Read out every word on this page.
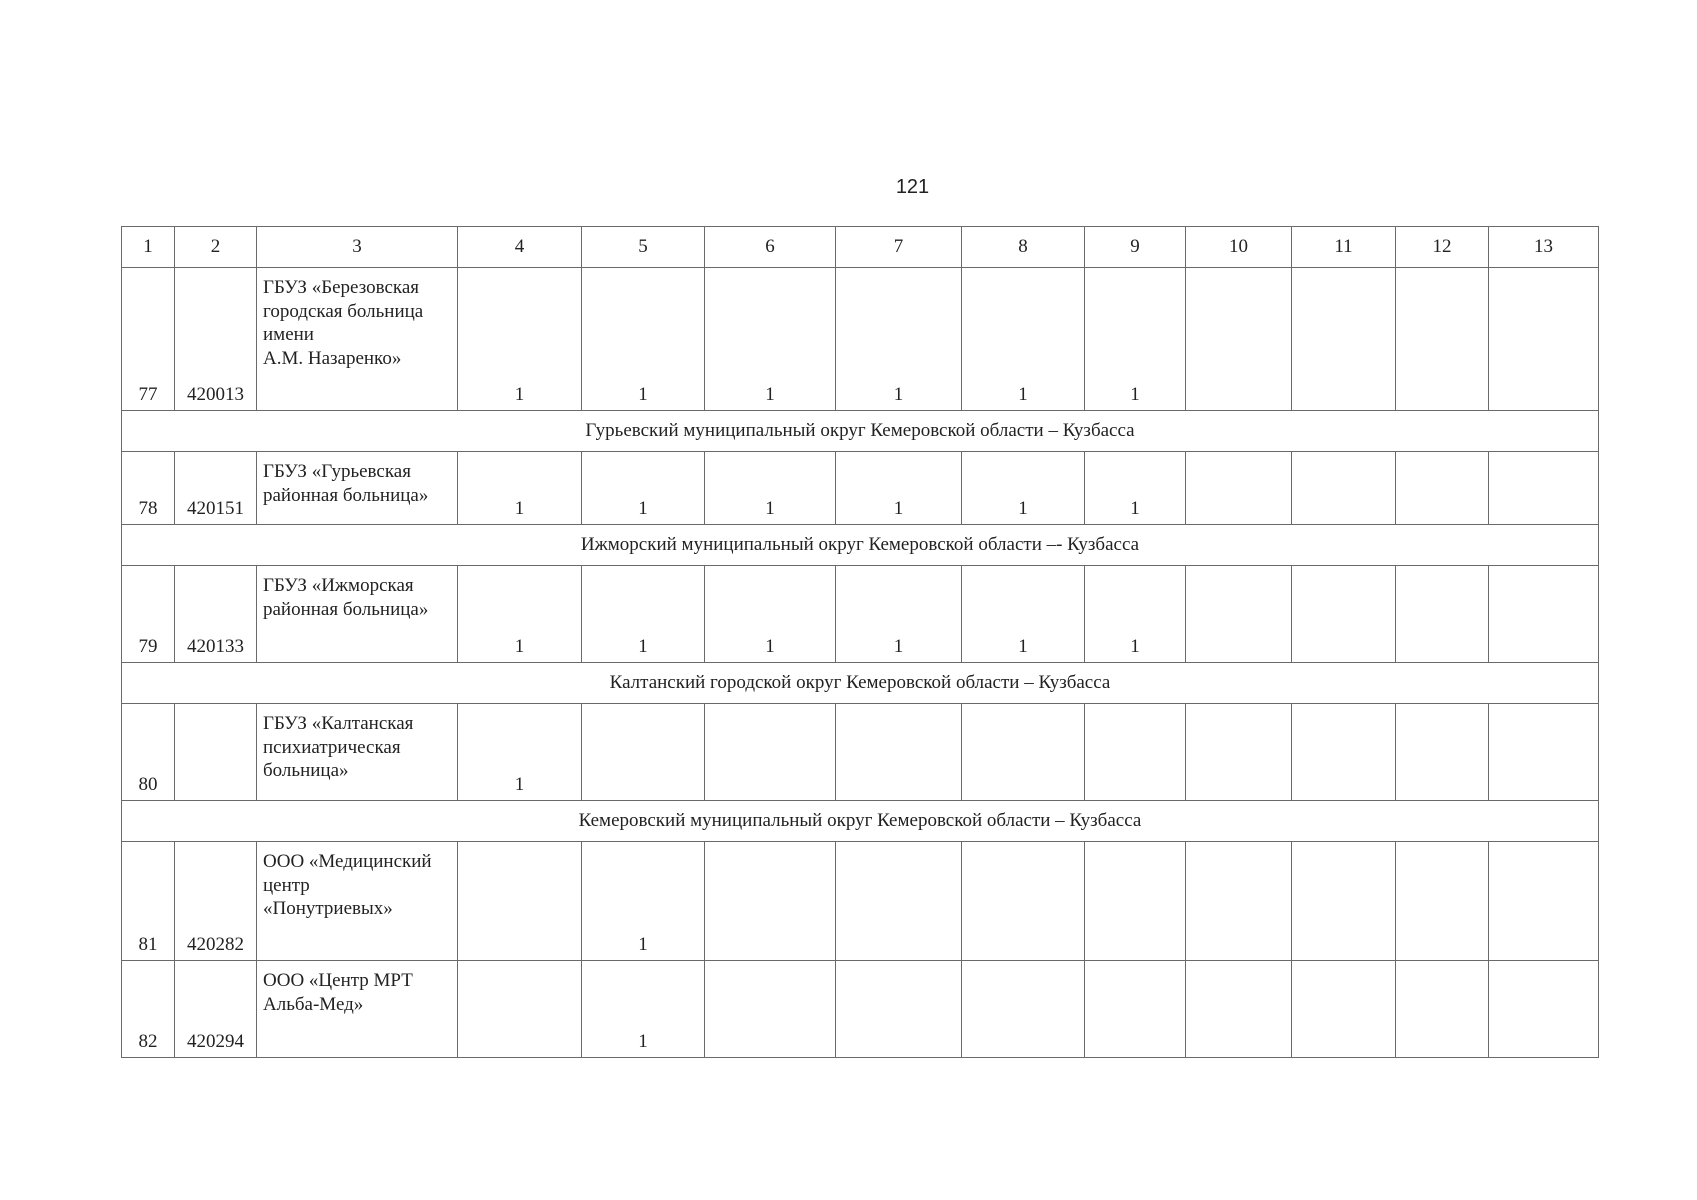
121
1	2	3	4	5	6	7	8	9	10	11	12	13
77	420013	ГБУЗ «Березовская
городская больница
имени
А.М. Назаренко»	1	1	1	1	1	1				
Гурьевский муниципальный округ Кемеровской области – Кузбасса												
78	420151	ГБУЗ «Гурьевская
районная больница»	1	1	1	1	1	1				
Ижморский муниципальный округ Кемеровской области –- Кузбасса												
79	420133	ГБУЗ «Ижморская
районная больница»	1	1	1	1	1	1				
Калтанский городской округ Кемеровской области – Кузбасса												
80		ГБУЗ «Калтанская
психиатрическая
больница»	1									
Кемеровский муниципальный округ Кемеровской области – Кузбасса												
81	420282	ООО «Медицинский
центр
«Понутриевых»		1								
82	420294	ООО «Центр МРТ
Альба-Мед»		1								
